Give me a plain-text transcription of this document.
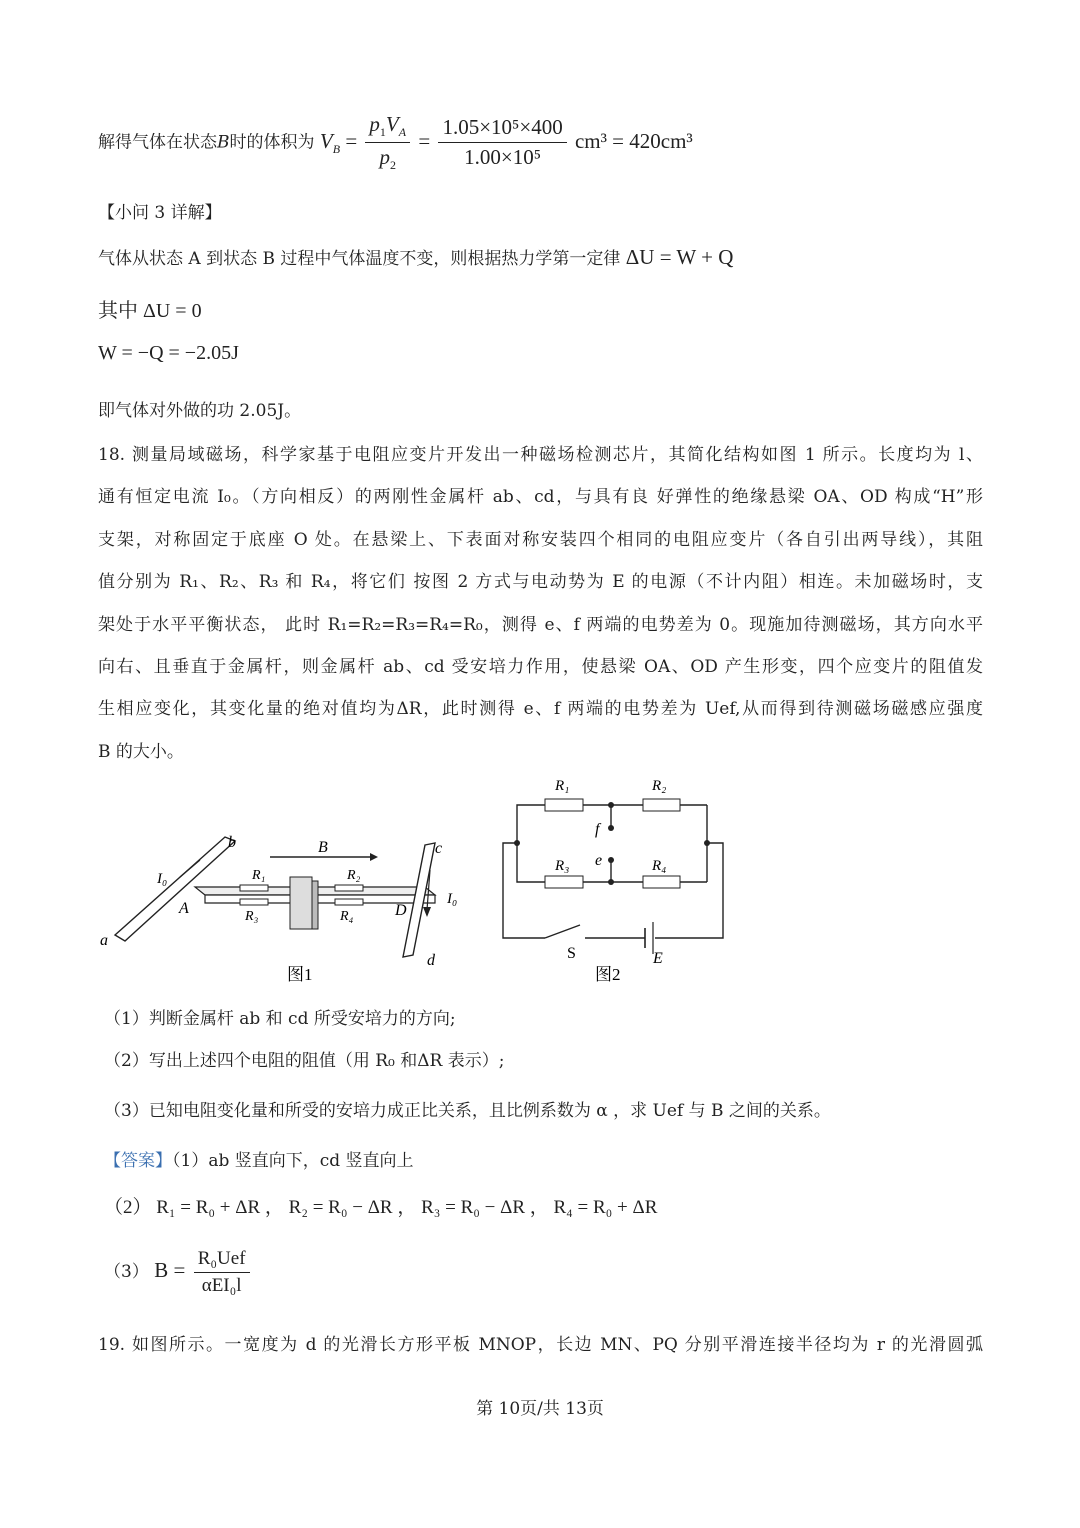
解得气体在状态B时的体积为 $V_B = \frac{p_1V_A}{p_2} = \frac{\text{1.05×10⁵×400}}{\text{1.00×10⁵}} cm^3 = 420cm^3$
【小问 3 详解】
气体从状态 A 到状态 B 过程中气体温度不变，则根据热力学第一定律 ΔU = W + Q
其中 ΔU = 0
W = −Q = −2.05J
即气体对外做的功 2.05J。
18. 测量局域磁场，科学家基于电阻应变片开发出一种磁场检测芯片，其简化结构如图 1 所示。长度均为 l、
通有恒定电流 I₀。（方向相反）的两刚性金属杆 ab、cd，与具有良 好弹性的绝缘悬梁 OA、OD 构成“H”形
支架，对称固定于底座 O 处。在悬梁上、下表面对称安装四个相同的电阻应变片（各自引出两导线），其阻
值分别为 R₁、R₂、R₃ 和 R₄，将它们 按图 2 方式与电动势为 E 的电源（不计内阻）相连。未加磁场时，支
架处于水平平衡状态， 此时 R₁=R₂=R₃=R₄=R₀，测得 e、f 两端的电势差为 0。现施加待测磁场，其方向水平
向右、且垂直于金属杆，则金属杆 ab、cd 受安培力作用，使悬梁 OA、OD 产生形变，四个应变片的阻值发
生相应变化，其变化量的绝对值均为ΔR，此时测得 e、f 两端的电势差为 Uef,从而得到待测磁场磁感应强度
B 的大小。
a
b	c
d
A	D
B
I₀
I₀
R₁	R₂
R₃	R₄
图1
R₁	R₂
R₃	R₄
f
e
S	E
图2
（1）判断金属杆 ab 和 cd 所受安培力的方向;
（2）写出上述四个电阻的阻值（用 R₀ 和ΔR 表示）;
（3）已知电阻变化量和所受的安培力成正比关系，且比例系数为 α ，求 Uef 与 B 之间的关系。
【答案】（1）ab 竖直向下，cd 竖直向上
（2） R₁ = R₀ + ΔR ， R₂ = R₀ − ΔR ， R₃ = R₀ − ΔR ， R₄ = R₀ + ΔR
（3） $B = \frac{\text{R₀Uef}}{\text{αEI₀l}}$
19. 如图所示。一宽度为 d 的光滑长方形平板 MNOP，长边 MN、PQ 分别平滑连接半径均为 r 的光滑圆弧
第 10页/共 13页
